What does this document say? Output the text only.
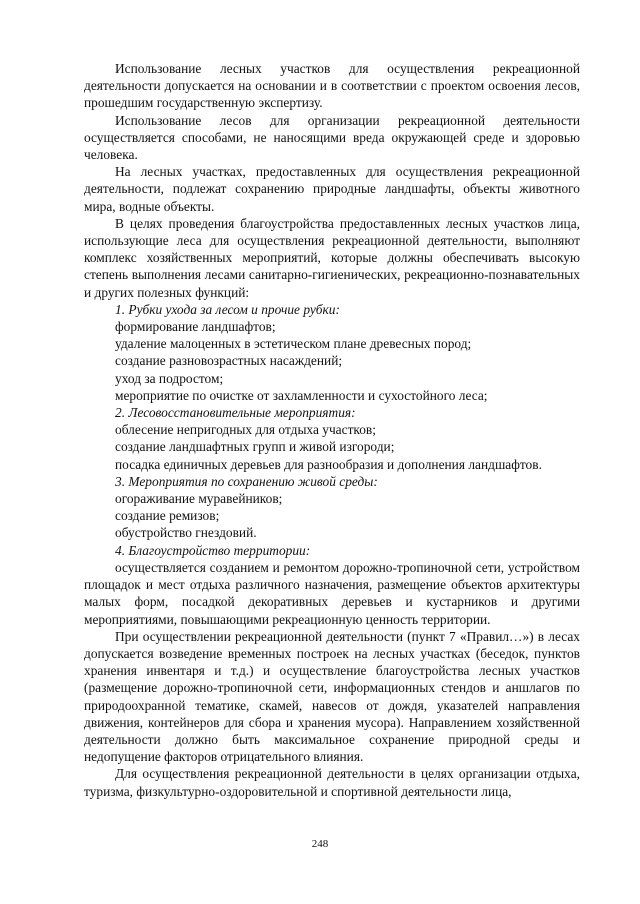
Использование лесных участков для осуществления рекреационной деятельности допускается на основании и в соответствии с проектом освоения лесов, прошедшим государственную экспертизу.

Использование лесов для организации рекреационной деятельности осуществляется способами, не наносящими вреда окружающей среде и здоровью человека.

На лесных участках, предоставленных для осуществления рекреационной деятельности, подлежат сохранению природные ландшафты, объекты животного мира, водные объекты.

В целях проведения благоустройства предоставленных лесных участков лица, использующие леса для осуществления рекреационной деятельности, выполняют комплекс хозяйственных мероприятий, которые должны обеспечивать высокую степень выполнения лесами санитарно-гигиенических, рекреационно-познавательных и других полезных функций:

1. Рубки ухода за лесом и прочие рубки:

формирование ландшафтов;

удаление малоценных в эстетическом плане древесных пород;

создание разновозрастных насаждений;

уход за подростом;

мероприятие по очистке от захламленности и сухостойного леса;

2. Лесовосстановительные мероприятия:

облесение непригодных для отдыха участков;

создание ландшафтных групп и живой изгороди;

посадка единичных деревьев для разнообразия и дополнения ландшафтов.

3. Мероприятия по сохранению живой среды:

огораживание муравейников;

создание ремизов;

обустройство гнездовий.

4. Благоустройство территории:

осуществляется созданием и ремонтом дорожно-тропиночной сети, устройством площадок и мест отдыха различного назначения, размещение объектов архитектуры малых форм, посадкой декоративных деревьев и кустарников и другими мероприятиями, повышающими рекреационную ценность территории.

При осуществлении рекреационной деятельности (пункт 7 «Правил…») в лесах допускается возведение временных построек на лесных участках (беседок, пунктов хранения инвентаря и т.д.) и осуществление благоустройства лесных участков (размещение дорожно-тропиночной сети, информационных стендов и аншлагов по природоохранной тематике, скамей, навесов от дождя, указателей направления движения, контейнеров для сбора и хранения мусора). Направлением хозяйственной деятельности должно быть максимальное сохранение природной среды и недопущение факторов отрицательного влияния.

Для осуществления рекреационной деятельности в целях организации отдыха, туризма, физкультурно-оздоровительной и спортивной деятельности лица,

248
